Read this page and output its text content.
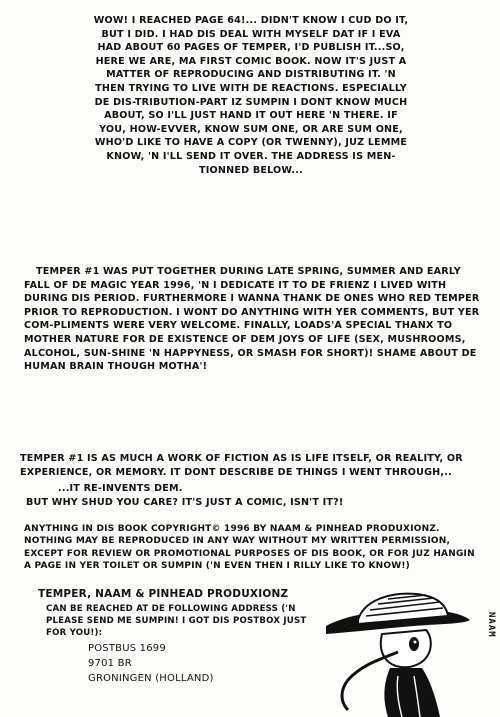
WOW! I REACHED PAGE 64!... DIDN'T KNOW I CUD DO IT, BUT I DID. I HAD DIS DEAL WITH MYSELF DAT IF I EVA HAD ABOUT 60 PAGES OF TEMPER, I'D PUBLISH IT...SO, HERE WE ARE, MA FIRST COMIC BOOK. NOW IT'S JUST A MATTER OF REPRODUCING AND DISTRIBUTING IT. 'N THEN TRYING TO LIVE WITH DE REACTIONS. ESPECIALLY DE DIS-TRIBUTION-PART IZ SUMPIN I DONT KNOW MUCH ABOUT, SO I'LL JUST HAND IT OUT HERE 'N THERE. IF YOU, HOW-EVVER, KNOW SUM ONE, OR ARE SUM ONE, WHO'D LIKE TO HAVE A COPY (OR TWENNY), JUZ LEMME KNOW, 'N I'LL SEND IT OVER. THE ADDRESS IS MEN-TIONNED BELOW...
TEMPER #1 WAS PUT TOGETHER DURING LATE SPRING, SUMMER AND EARLY FALL OF DE MAGIC YEAR 1996, 'N I DEDICATE IT TO DE FRIENZ I LIVED WITH DURING DIS PERIOD. FURTHERMORE I WANNA THANK DE ONES WHO RED TEMPER PRIOR TO REPRODUCTION. I WONT DO ANYTHING WITH YER COMMENTS, BUT YER COM-PLIMENTS WERE VERY WELCOME. FINALLY, LOADS'A SPECIAL THANX TO MOTHER NATURE FOR DE EXISTENCE OF DEM JOYS OF LIFE (SEX, MUSHROOMS, ALCOHOL, SUN-SHINE 'N HAPPYNESS, OR SMASH FOR SHORT)! SHAME ABOUT DE HUMAN BRAIN THOUGH MOTHA'!
TEMPER #1 IS AS MUCH A WORK OF FICTION AS IS LIFE ITSELF, OR REALITY, OR EXPERIENCE, OR MEMORY. IT DONT DESCRIBE DE THINGS I WENT THROUGH,..
...IT RE-INVENTS DEM.
BUT WHY SHUD YOU CARE? IT'S JUST A COMIC, ISN'T IT?!
ANYTHING IN DIS BOOK COPYRIGHT© 1996 BY NAAM & PINHEAD PRODUXIONZ. NOTHING MAY BE REPRODUCED IN ANY WAY WITHOUT MY WRITTEN PERMISSION, EXCEPT FOR REVIEW OR PROMOTIONAL PURPOSES OF DIS BOOK, OR FOR JUZ HANGIN A PAGE IN YER TOILET OR SUMPIN ('N EVEN THEN I RILLY LIKE TO KNOW!)
TEMPER, NAAM & PINHEAD PRODUXIONZ
CAN BE REACHED AT DE FOLLOWING ADDRESS ('N PLEASE SEND ME SUMPIN! I GOT DIS POSTBOX JUST FOR YOU!):
POSTBUS 1699
9701 BR
GRONINGEN (HOLLAND)
NAAM
